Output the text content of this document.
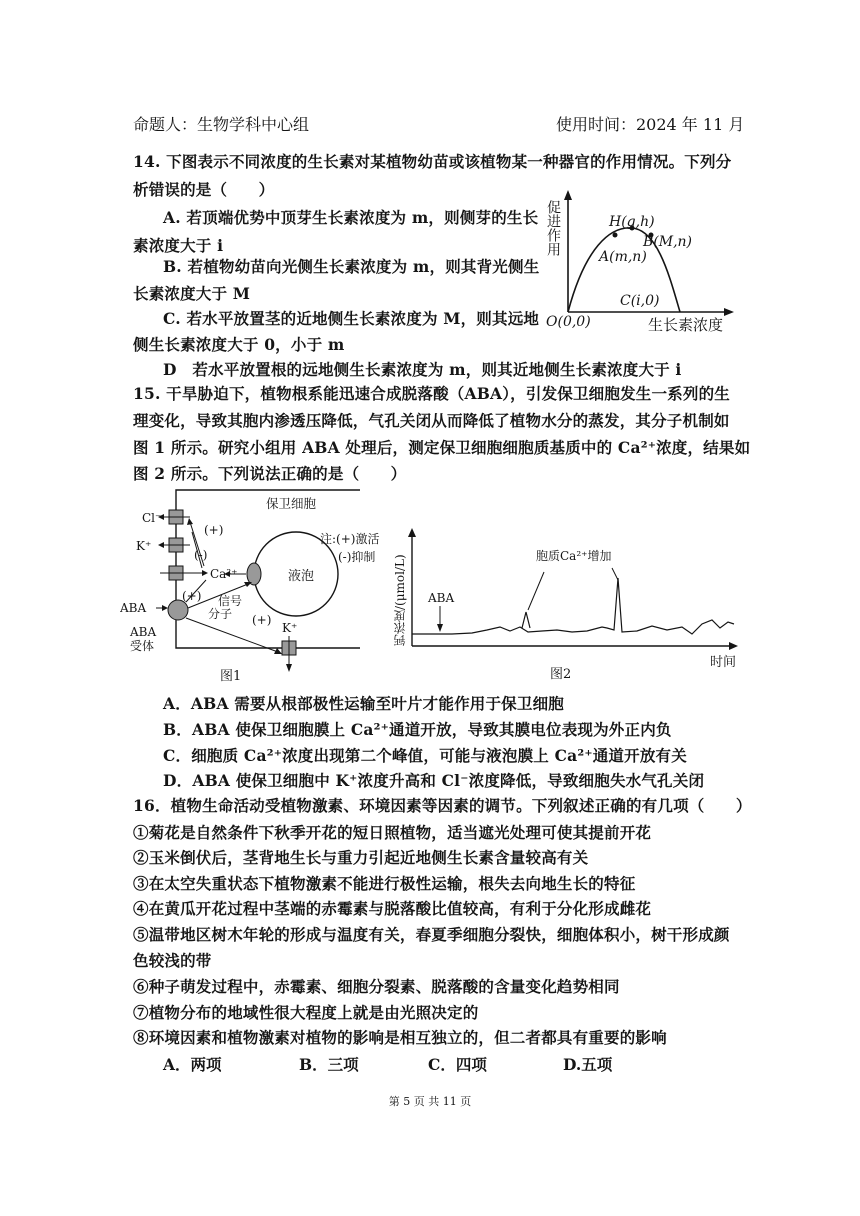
命题人：生物学科中心组	使用时间：2024 年 11 月
14. 下图表示不同浓度的生长素对某植物幼苗或该植物某一种器官的作用情况。下列分
析错误的是（　　）
A. 若顶端优势中顶芽生长素浓度为 m，则侧芽的生长
素浓度大于 i
B. 若植物幼苗向光侧生长素浓度为 m，则其背光侧生
长素浓度大于 M
C. 若水平放置茎的近地侧生长素浓度为 M，则其远地
侧生长素浓度大于 0，小于 m
D　若水平放置根的远地侧生长素浓度为 m，则其近地侧生长素浓度大于 i
促进作用	H(g,h)
B(M,n)
A(m,n)
C(i,0)
O(0,0)	生长素浓度
15. 干旱胁迫下，植物根系能迅速合成脱落酸（ABA），引发保卫细胞发生一系列的生
理变化，导致其胞内渗透压降低，气孔关闭从而降低了植物水分的蒸发，其分子机制如
图 1 所示。研究小组用 ABA 处理后，测定保卫细胞细胞质基质中的 Ca²⁺浓度，结果如
图 2 所示。下列说法正确的是（　　）
保卫细胞
Cl⁻
K⁺
(+)
(-)
Ca²⁺
(+) 信号
分子 (+)
K⁺
液泡
ABA
ABA
受体
图1
注:(+)激活
(-)抑制	钙浓度/(μmol/L) ABA
胞质Ca²⁺增加
时间
图2
A．ABA 需要从根部极性运输至叶片才能作用于保卫细胞
B．ABA 使保卫细胞膜上 Ca²⁺通道开放，导致其膜电位表现为外正内负
C．细胞质 Ca²⁺浓度出现第二个峰值，可能与液泡膜上 Ca²⁺通道开放有关
D．ABA 使保卫细胞中 K⁺浓度升高和 Cl⁻浓度降低，导致细胞失水气孔关闭
16．植物生命活动受植物激素、环境因素等因素的调节。下列叙述正确的有几项（　　）
①菊花是自然条件下秋季开花的短日照植物，适当遮光处理可使其提前开花
②玉米倒伏后，茎背地生长与重力引起近地侧生长素含量较高有关
③在太空失重状态下植物激素不能进行极性运输，根失去向地生长的特征
④在黄瓜开花过程中茎端的赤霉素与脱落酸比值较高，有利于分化形成雌花
⑤温带地区树木年轮的形成与温度有关，春夏季细胞分裂快，细胞体积小，树干形成颜
色较浅的带
⑥种子萌发过程中，赤霉素、细胞分裂素、脱落酸的含量变化趋势相同
⑦植物分布的地域性很大程度上就是由光照决定的
⑧环境因素和植物激素对植物的影响是相互独立的，但二者都具有重要的影响
A．两项	B．三项	C．四项	D.五项
第 5 页 共 11 页
